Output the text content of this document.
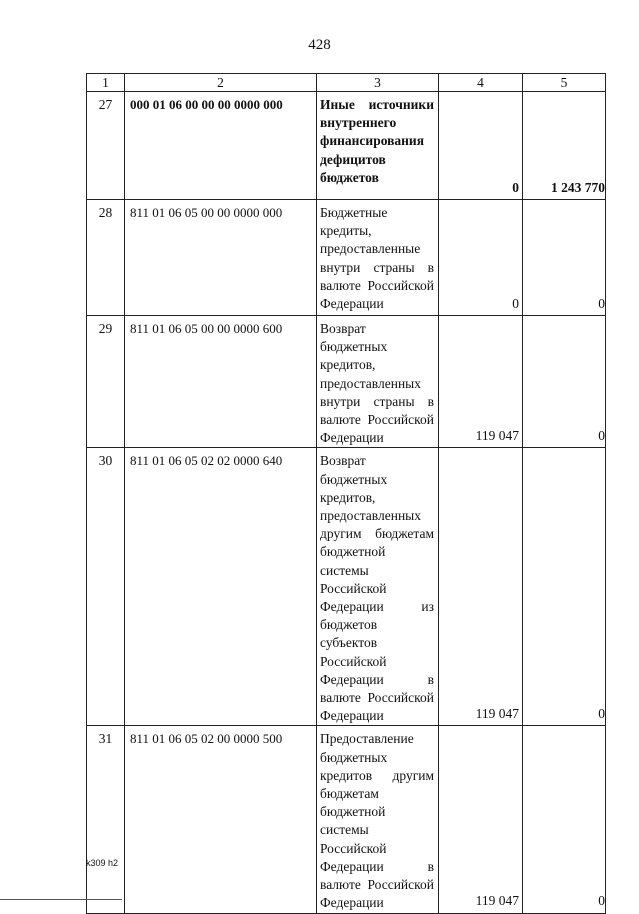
428
1	2	3	4	5
27	000 01 06 00 00 00 0000 000	Иные источники внутреннего финансирования дефицитов бюджетов	0	1 243 770
28	811 01 06 05 00 00 0000 000	Бюджетные кредиты, предоставленные внутри страны в валюте Российской Федерации	0	0
29	811 01 06 05 00 00 0000 600	Возврат бюджетных кредитов, предоставленных внутри страны в валюте Российской Федерации	119 047	0
30	811 01 06 05 02 02 0000 640	Возврат бюджетных кредитов, предоставленных другим бюджетам бюджетной системы Российской Федерации из бюджетов субъектов Российской Федерации в валюте Российской Федерации	119 047	0
31	811 01 06 05 02 00 0000 500	Предоставление бюджетных кредитов другим бюджетам бюджетной системы Российской Федерации в валюте Российской Федерации	119 047	0
k309 h2
